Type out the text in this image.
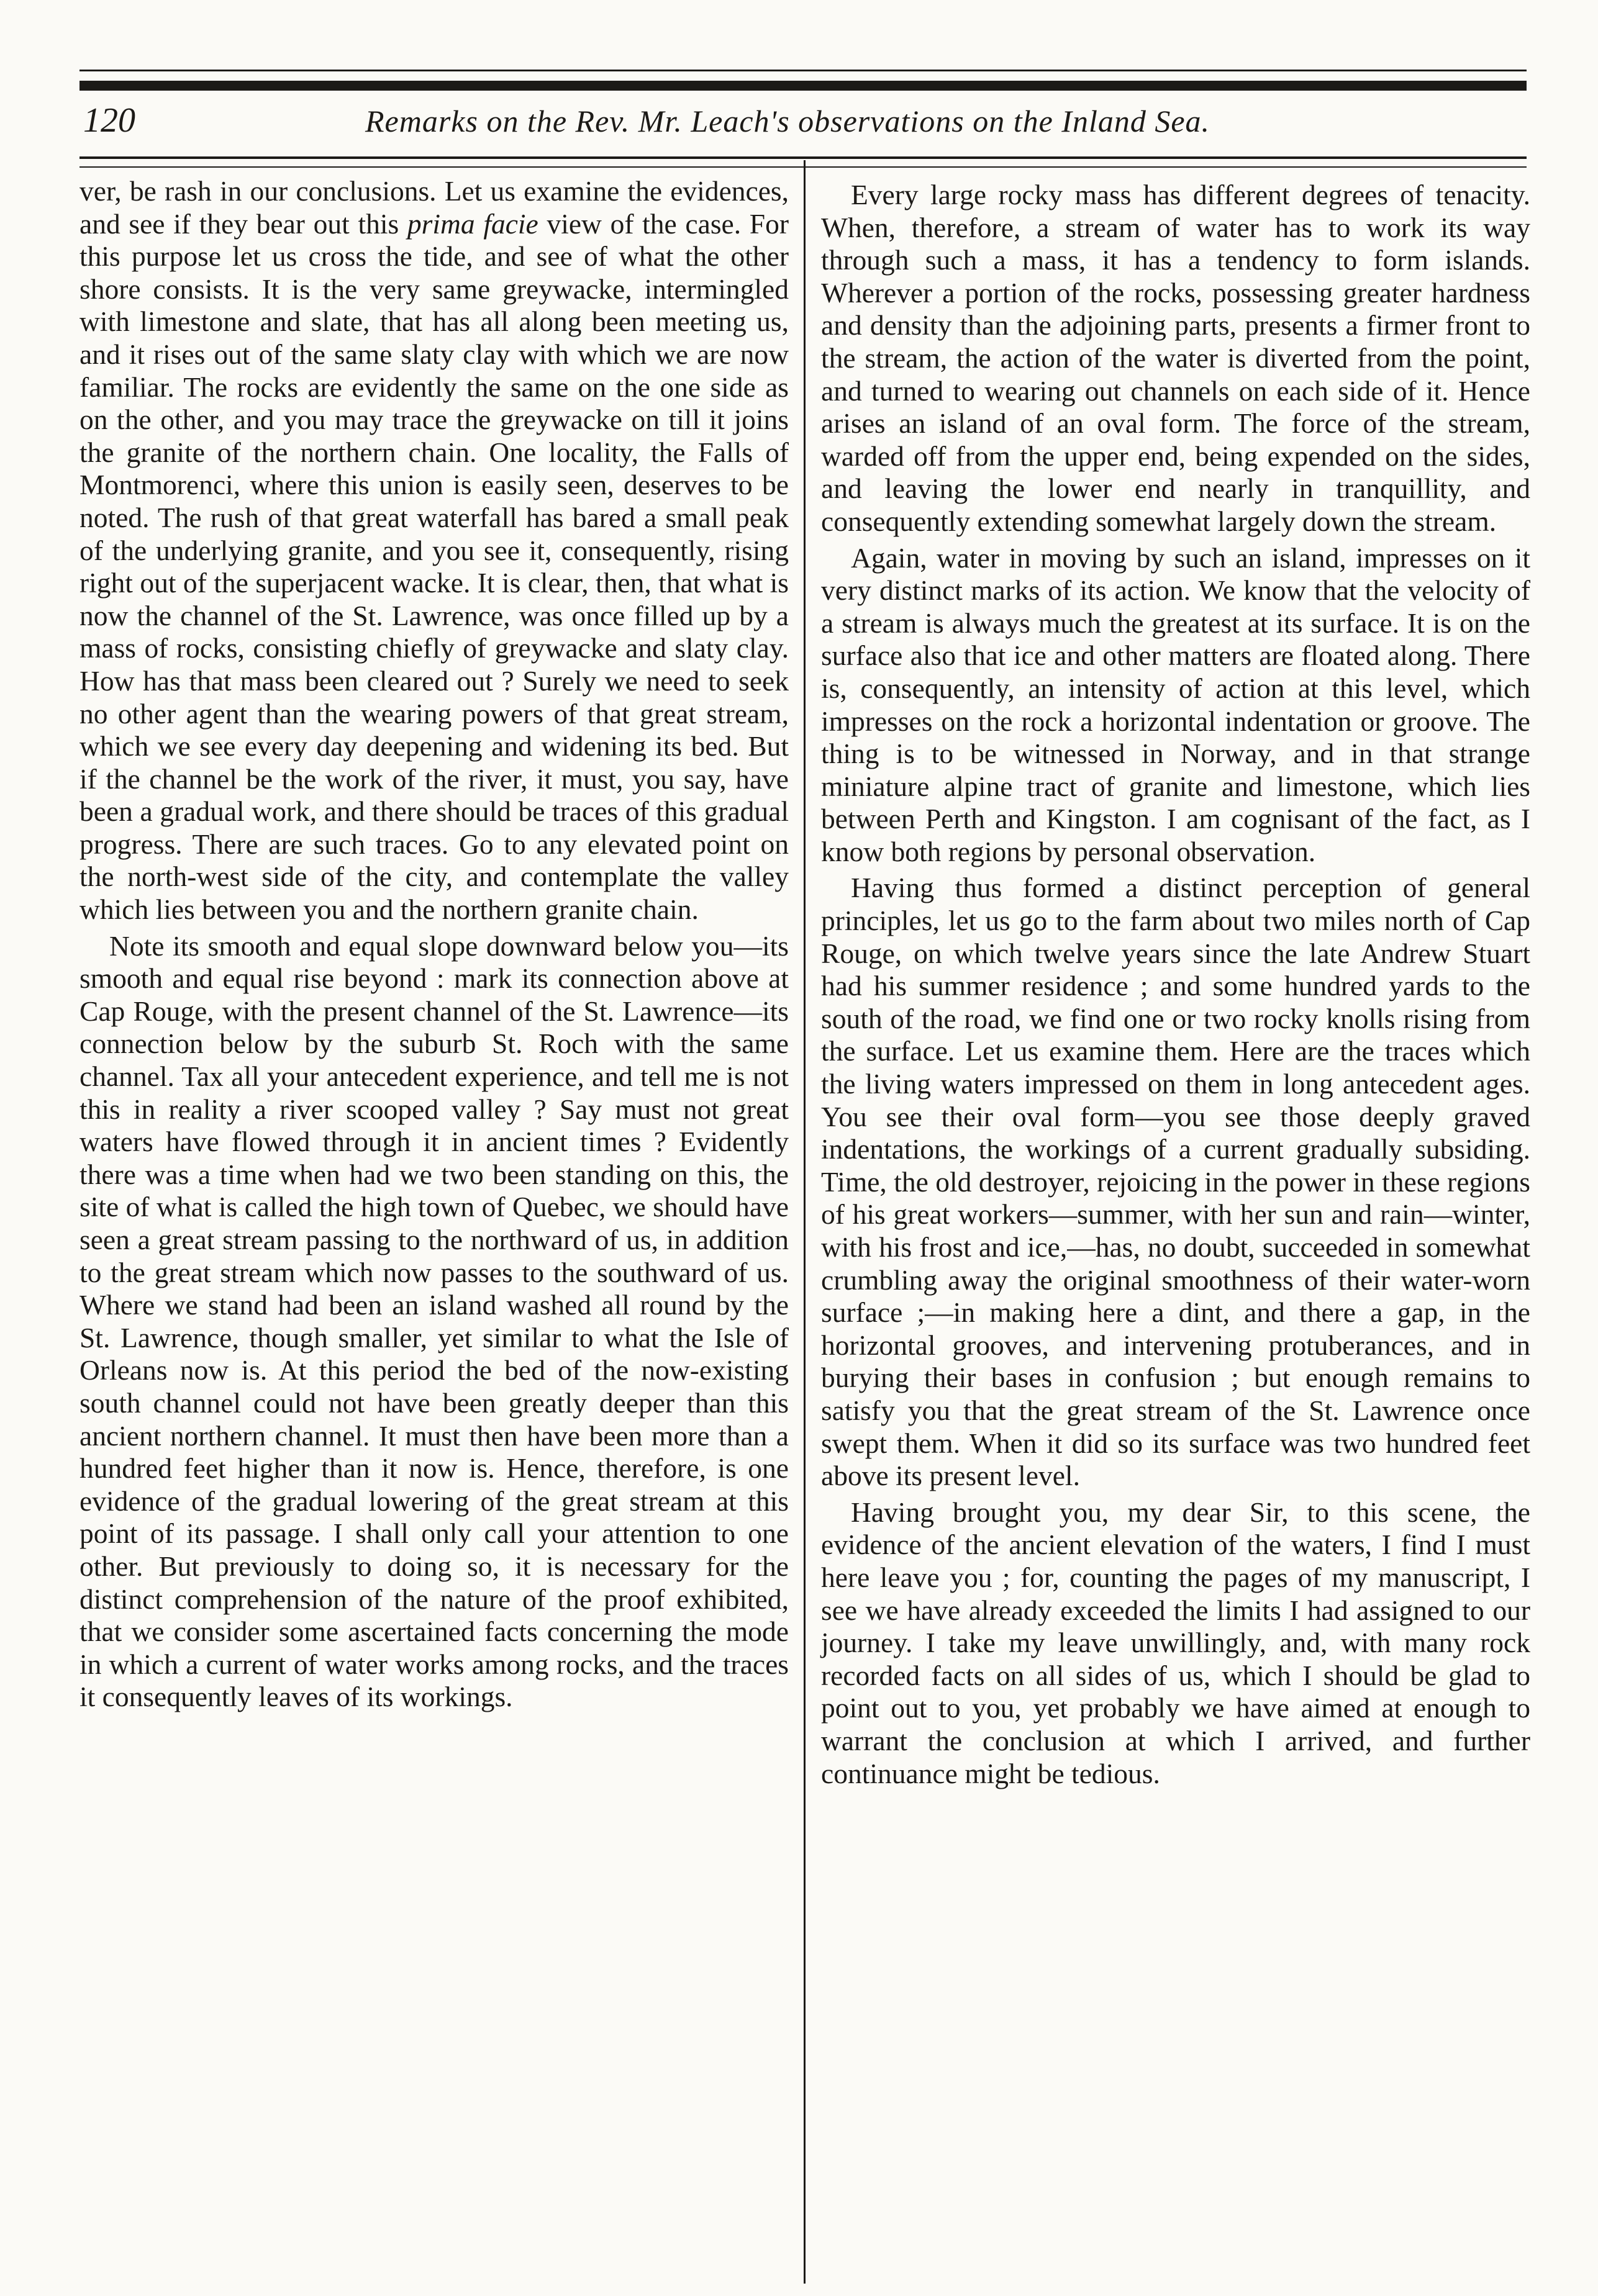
120	Remarks on the Rev. Mr. Leach's observations on the Inland Sea.

ver, be rash in our conclusions. Let us examine the evidences, and see if they bear out this prima facie view of the case. For this purpose let us cross the tide, and see of what the other shore consists. It is the very same greywacke, intermingled with limestone and slate, that has all along been meeting us, and it rises out of the same slaty clay with which we are now familiar. The rocks are evidently the same on the one side as on the other, and you may trace the greywacke on till it joins the granite of the northern chain. One locality, the Falls of Montmorenci, where this union is easily seen, deserves to be noted. The rush of that great waterfall has bared a small peak of the underlying granite, and you see it, consequently, rising right out of the superjacent wacke. It is clear, then, that what is now the channel of the St. Lawrence, was once filled up by a mass of rocks, consisting chiefly of greywacke and slaty clay. How has that mass been cleared out ? Surely we need to seek no other agent than the wearing powers of that great stream, which we see every day deepening and widening its bed. But if the channel be the work of the river, it must, you say, have been a gradual work, and there should be traces of this gradual progress. There are such traces. Go to any elevated point on the north-west side of the city, and contemplate the valley which lies between you and the northern granite chain.

Note its smooth and equal slope downward below you—its smooth and equal rise beyond : mark its connection above at Cap Rouge, with the present channel of the St. Lawrence—its connection below by the suburb St. Roch with the same channel. Tax all your antecedent experience, and tell me is not this in reality a river scooped valley ? Say must not great waters have flowed through it in ancient times ? Evidently there was a time when had we two been standing on this, the site of what is called the high town of Quebec, we should have seen a great stream passing to the northward of us, in addition to the great stream which now passes to the southward of us. Where we stand had been an island washed all round by the St. Lawrence, though smaller, yet similar to what the Isle of Orleans now is. At this period the bed of the now-existing south channel could not have been greatly deeper than this ancient northern channel. It must then have been more than a hundred feet higher than it now is. Hence, therefore, is one evidence of the gradual lowering of the great stream at this point of its passage. I shall only call your attention to one other. But previously to doing so, it is necessary for the distinct comprehension of the nature of the proof exhibited, that we consider some ascertained facts concerning the mode in which a current of water works among rocks, and the traces it consequently leaves of its workings.

Every large rocky mass has different degrees of tenacity. When, therefore, a stream of water has to work its way through such a mass, it has a tendency to form islands. Wherever a portion of the rocks, possessing greater hardness and density than the adjoining parts, presents a firmer front to the stream, the action of the water is diverted from the point, and turned to wearing out channels on each side of it. Hence arises an island of an oval form. The force of the stream, warded off from the upper end, being expended on the sides, and leaving the lower end nearly in tranquillity, and consequently extending somewhat largely down the stream.

Again, water in moving by such an island, impresses on it very distinct marks of its action. We know that the velocity of a stream is always much the greatest at its surface. It is on the surface also that ice and other matters are floated along. There is, consequently, an intensity of action at this level, which impresses on the rock a horizontal indentation or groove. The thing is to be witnessed in Norway, and in that strange miniature alpine tract of granite and limestone, which lies between Perth and Kingston. I am cognisant of the fact, as I know both regions by personal observation.

Having thus formed a distinct perception of general principles, let us go to the farm about two miles north of Cap Rouge, on which twelve years since the late Andrew Stuart had his summer residence ; and some hundred yards to the south of the road, we find one or two rocky knolls rising from the surface. Let us examine them. Here are the traces which the living waters impressed on them in long antecedent ages. You see their oval form—you see those deeply graved indentations, the workings of a current gradually subsiding. Time, the old destroyer, rejoicing in the power in these regions of his great workers—summer, with her sun and rain—winter, with his frost and ice,—has, no doubt, succeeded in somewhat crumbling away the original smoothness of their water-worn surface ;—in making here a dint, and there a gap, in the horizontal grooves, and intervening protuberances, and in burying their bases in confusion ; but enough remains to satisfy you that the great stream of the St. Lawrence once swept them. When it did so its surface was two hundred feet above its present level.

Having brought you, my dear Sir, to this scene, the evidence of the ancient elevation of the waters, I find I must here leave you ; for, counting the pages of my manuscript, I see we have already exceeded the limits I had assigned to our journey. I take my leave unwillingly, and, with many rock recorded facts on all sides of us, which I should be glad to point out to you, yet probably we have aimed at enough to warrant the conclusion at which I arrived, and further continuance might be tedious.
